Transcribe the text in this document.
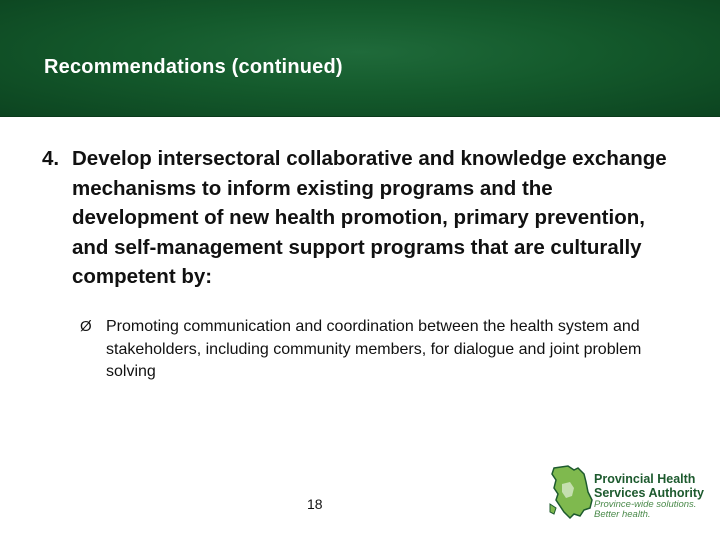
Recommendations (continued)
4. Develop intersectoral collaborative and knowledge exchange mechanisms to inform existing programs and the development of new health promotion, primary prevention, and self-management support programs that are culturally competent by:
Ø Promoting communication and coordination between the health system and stakeholders, including community members, for dialogue and joint problem solving
18
Provincial Health
Services Authority
Province-wide solutions.
Better health.
